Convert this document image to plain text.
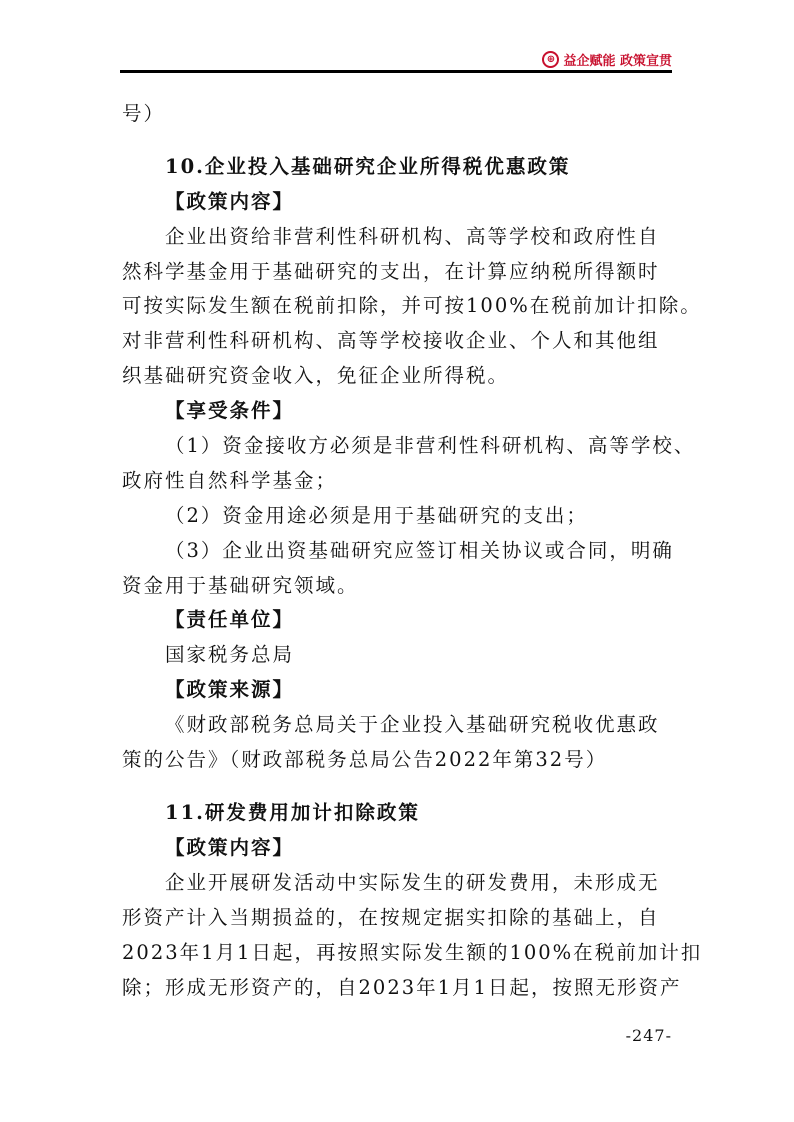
⊕ 益企赋能 政策宣贯
号）
10.企业投入基础研究企业所得税优惠政策
【政策内容】
企业出资给非营利性科研机构、高等学校和政府性自
然科学基金用于基础研究的支出，在计算应纳税所得额时
可按实际发生额在税前扣除，并可按100%在税前加计扣除。
对非营利性科研机构、高等学校接收企业、个人和其他组
织基础研究资金收入，免征企业所得税。
【享受条件】
（1）资金接收方必须是非营利性科研机构、高等学校、
政府性自然科学基金；
（2）资金用途必须是用于基础研究的支出；
（3）企业出资基础研究应签订相关协议或合同，明确
资金用于基础研究领域。
【责任单位】
国家税务总局
【政策来源】
《财政部税务总局关于企业投入基础研究税收优惠政
策的公告》（财政部税务总局公告2022年第32号）
11.研发费用加计扣除政策
【政策内容】
企业开展研发活动中实际发生的研发费用，未形成无
形资产计入当期损益的，在按规定据实扣除的基础上，自
2023年1月1日起，再按照实际发生额的100%在税前加计扣
除；形成无形资产的，自2023年1月1日起，按照无形资产
-247-
